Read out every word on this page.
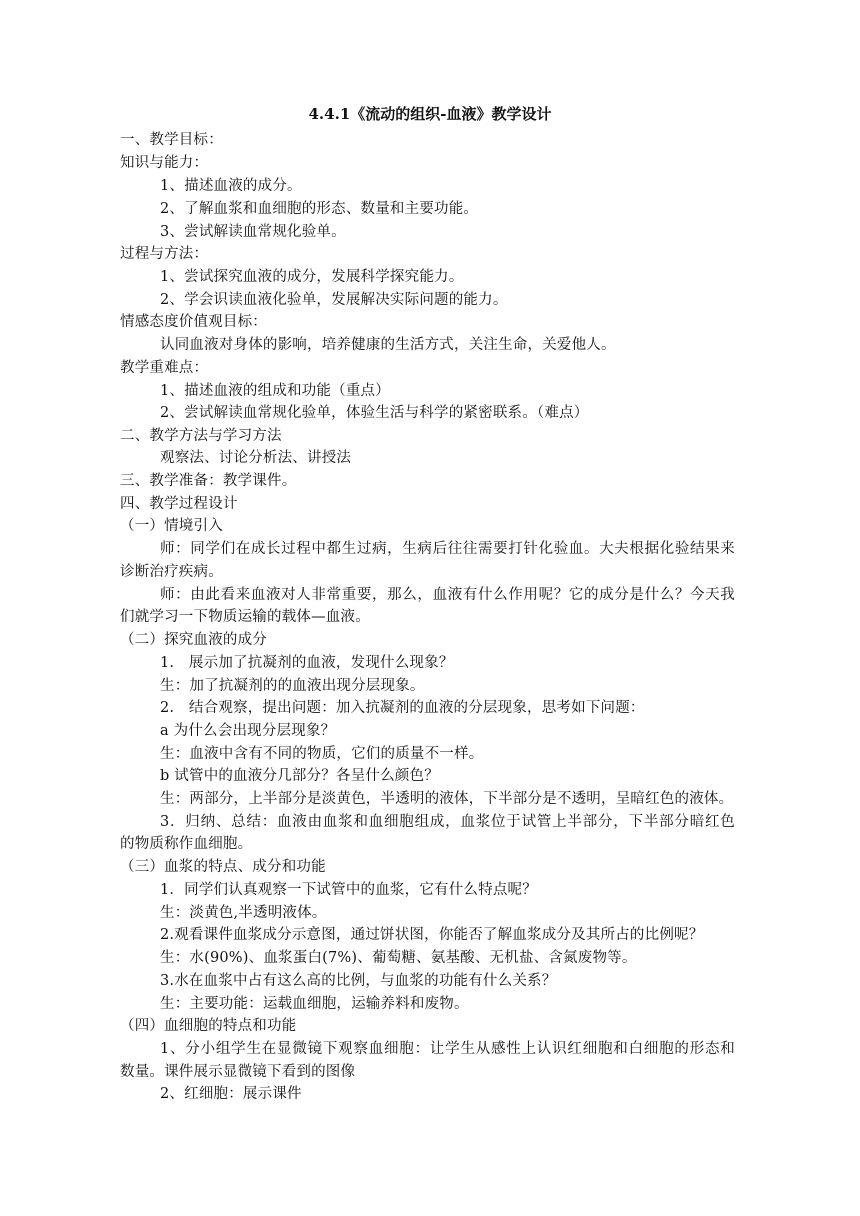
4.4.1《流动的组织-血液》教学设计
一、教学目标：
知识与能力：
1、描述血液的成分。
2、了解血浆和血细胞的形态、数量和主要功能。
3、尝试解读血常规化验单。
过程与方法：
1、尝试探究血液的成分，发展科学探究能力。
2、学会识读血液化验单，发展解决实际问题的能力。
情感态度价值观目标：
认同血液对身体的影响，培养健康的生活方式，关注生命，关爱他人。
教学重难点：
1、描述血液的组成和功能（重点）
2、尝试解读血常规化验单，体验生活与科学的紧密联系。（难点）
二、教学方法与学习方法
观察法、讨论分析法、讲授法
三、教学准备：教学课件。
四、教学过程设计
（一）情境引入
师：同学们在成长过程中都生过病，生病后往往需要打针化验血。大夫根据化验结果来
诊断治疗疾病。
师：由此看来血液对人非常重要，那么，血液有什么作用呢？它的成分是什么？今天我
们就学习一下物质运输的载体—血液。
（二）探究血液的成分
1.　展示加了抗凝剂的血液，发现什么现象？
生：加了抗凝剂的的血液出现分层现象。
2.　结合观察，提出问题：加入抗凝剂的血液的分层现象，思考如下问题：
a 为什么会出现分层现象？
生：血液中含有不同的物质，它们的质量不一样。
b 试管中的血液分几部分？各呈什么颜色？
生：两部分，上半部分是淡黄色，半透明的液体，下半部分是不透明，呈暗红色的液体。
3．归纳、总结：血液由血浆和血细胞组成，血浆位于试管上半部分，下半部分暗红色
的物质称作血细胞。
（三）血浆的特点、成分和功能
1．同学们认真观察一下试管中的血浆，它有什么特点呢？
生：淡黄色,半透明液体。
2.观看课件血浆成分示意图，通过饼状图，你能否了解血浆成分及其所占的比例呢？
生：水(90%)、血浆蛋白(7%)、葡萄糖、氨基酸、无机盐、含氮废物等。
3.水在血浆中占有这么高的比例，与血浆的功能有什么关系？
生：主要功能：运载血细胞，运输养料和废物。
（四）血细胞的特点和功能
1、分小组学生在显微镜下观察血细胞：让学生从感性上认识红细胞和白细胞的形态和
数量。课件展示显微镜下看到的图像
2、红细胞：展示课件
